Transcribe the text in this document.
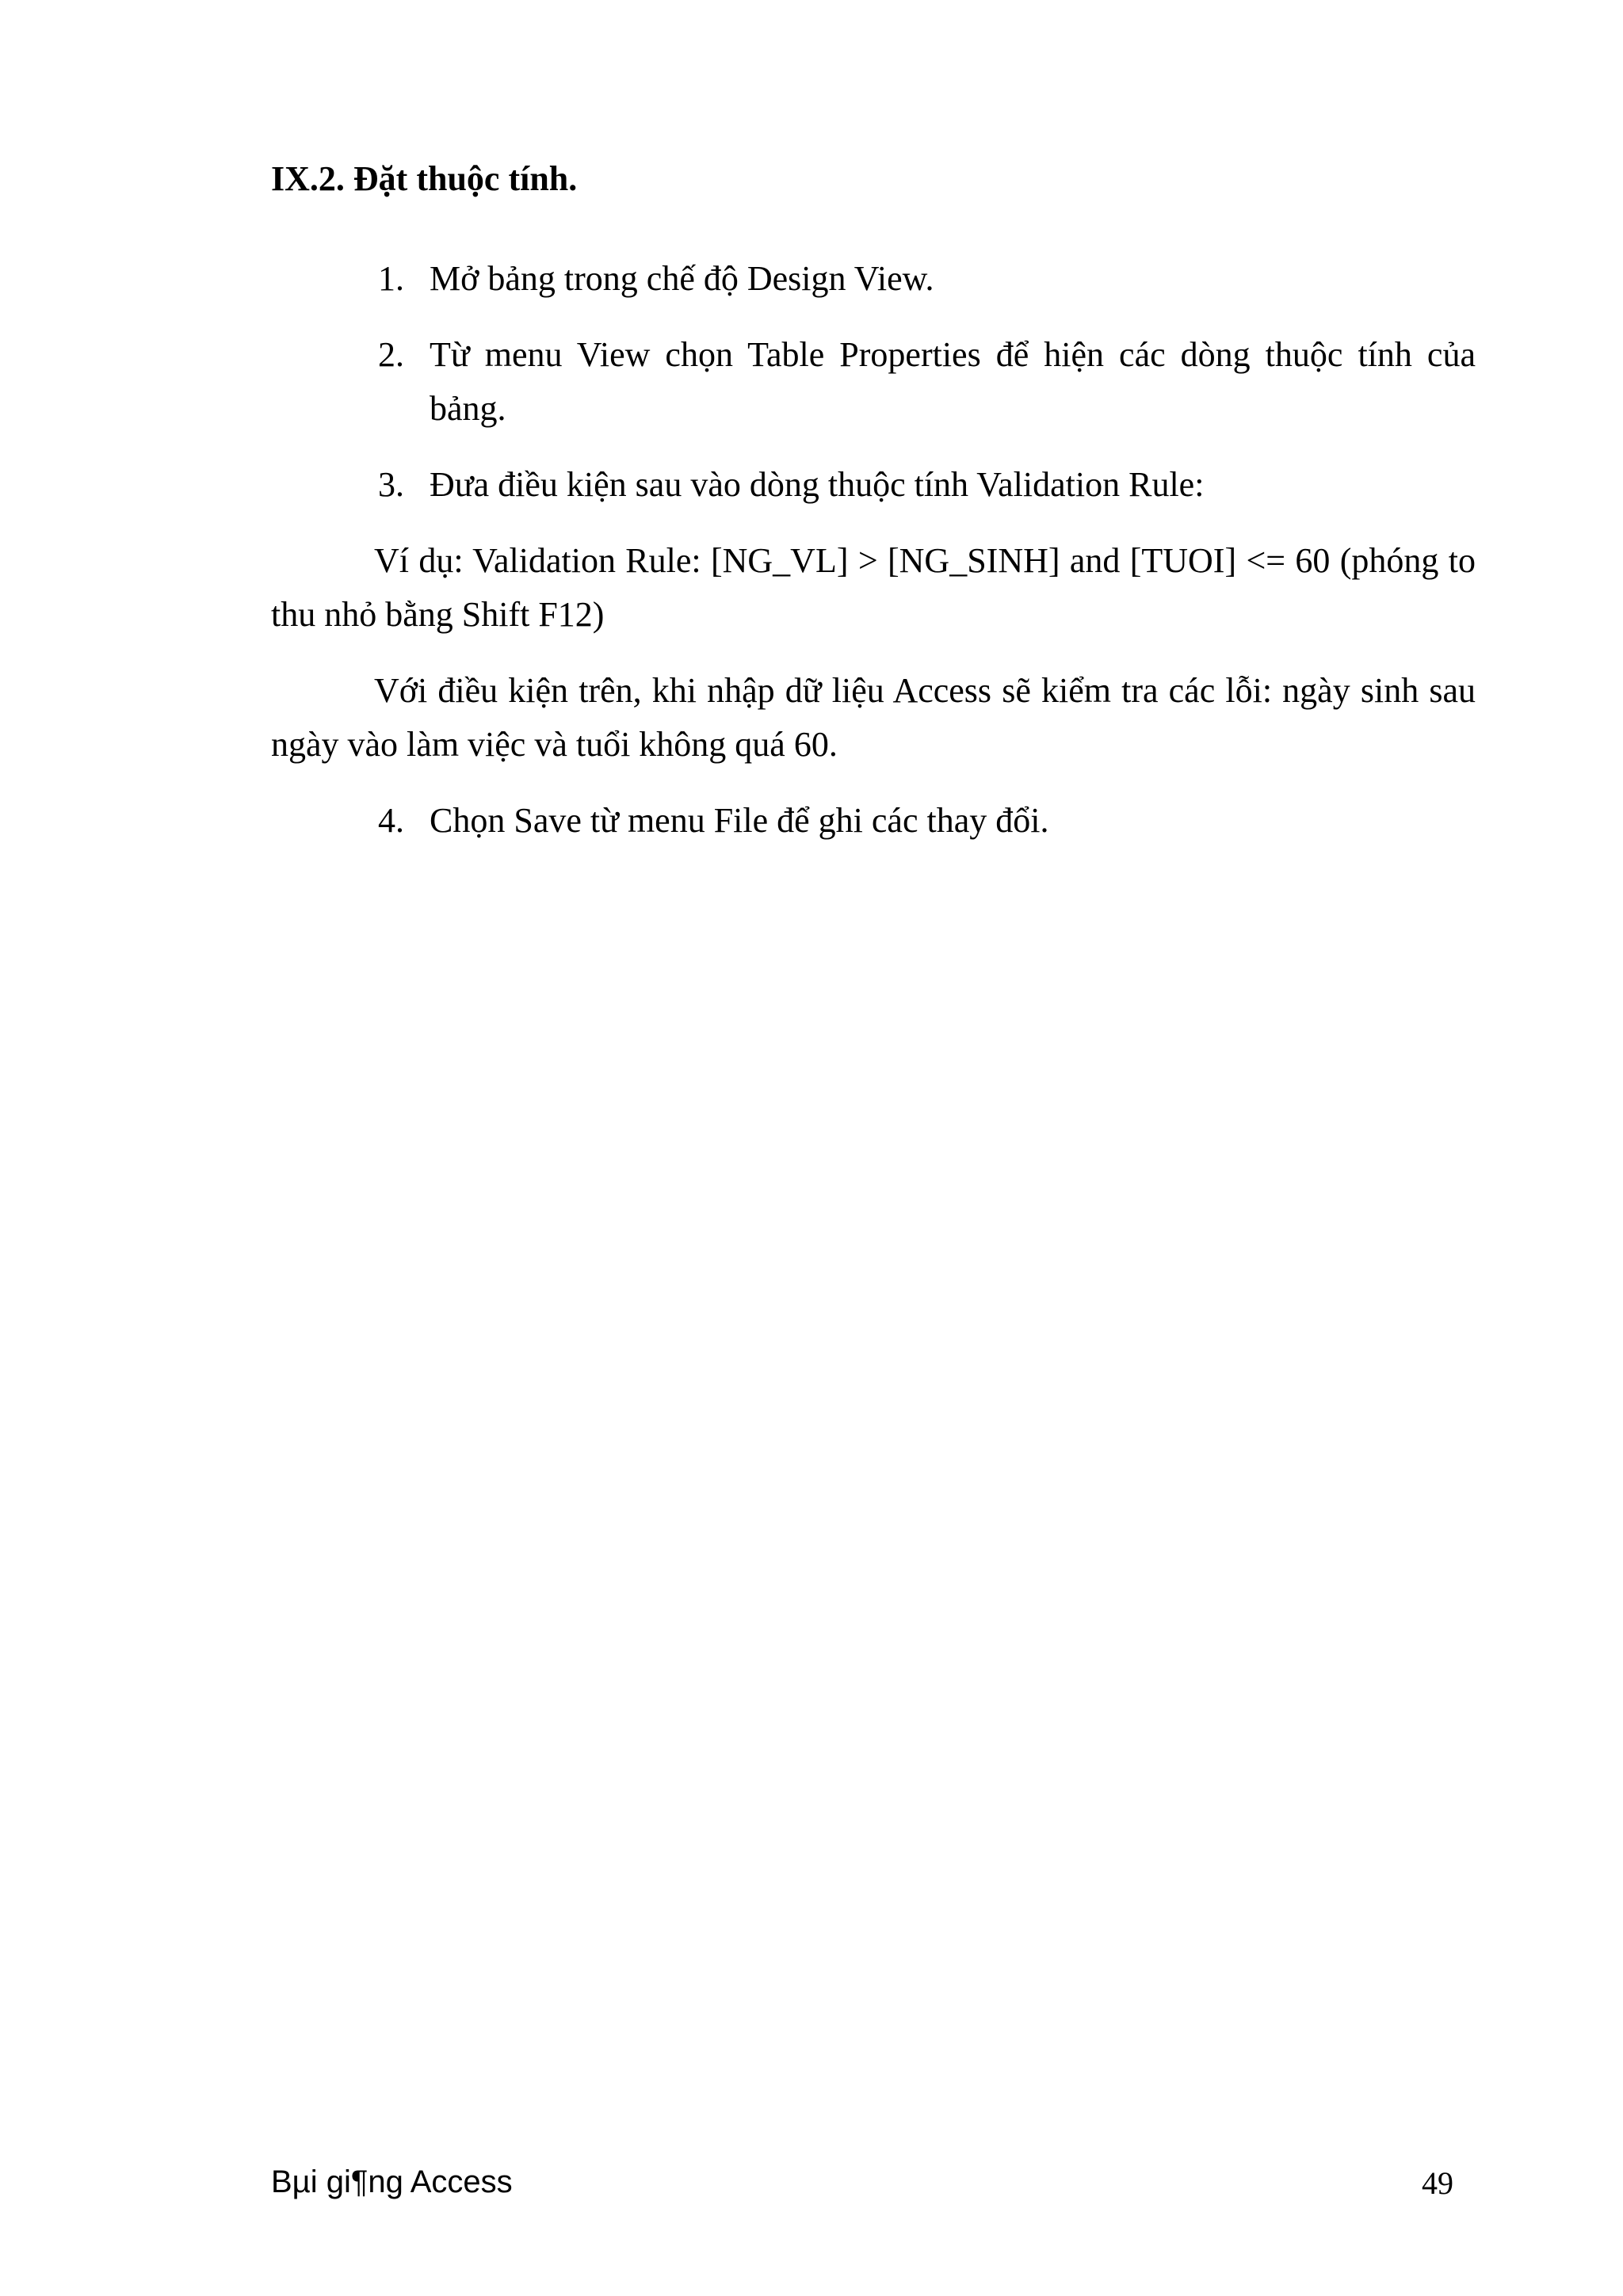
IX.2. Đặt thuộc tính.
1. Mở bảng trong chế độ Design View.
2. Từ menu View chọn Table Properties để hiện các dòng thuộc tính của bảng.
3. Đưa điều kiện sau vào dòng thuộc tính Validation Rule:

Ví dụ: Validation Rule: [NG_VL] > [NG_SINH] and [TUOI] <= 60 (phóng to thu nhỏ bằng Shift F12)

Với điều kiện trên, khi nhập dữ liệu Access sẽ kiểm tra các lỗi: ngày sinh sau ngày vào làm việc và tuổi không quá 60.

4. Chọn Save từ menu File để ghi các thay đổi.
Bµi gi¶ng Access	49
